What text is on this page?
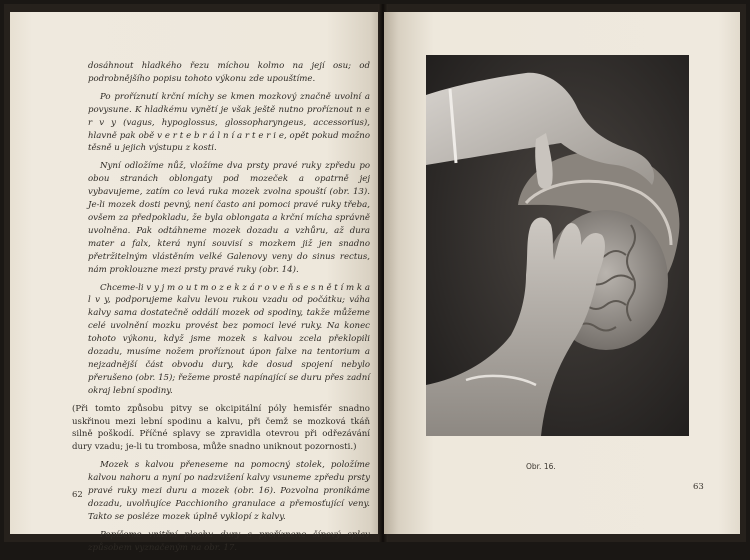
dosáhnout hladkého řezu míchou kolmo na její osu; od podrobnějšího popisu tohoto výkonu zde upouštíme.

Po proříznutí krční míchy se kmen mozkový značně uvolní a povysune. K hladkému vynětí je však ještě nutno proříznout n e r v y (vagus, hypoglossus, glossopharyngeus, accessorius), hlavně pak obě v e r t e b r á l n í a r t e r i e, opět pokud možno těsně u jejich výstupu z kosti.

Nyní odložíme nůž, vložíme dva prsty pravé ruky zpředu po obou stranách oblongaty pod mozeček a opatrně jej vybavujeme, zatím co levá ruka mozek zvolna spouští (obr. 13). Je-li mozek dosti pevný, není často ani pomoci pravé ruky třeba, ovšem za předpokladu, že byla oblongata a krční mícha správně uvolněna. Pak odtáhneme mozek dozadu a vzhůru, až dura mater a falx, která nyní souvisí s mozkem již jen snadno přetržitelným vlástěním velké Galenovy veny do sinus rectus, nám proklouzne mezi prsty pravé ruky (obr. 14).

Chceme-li v y j m o u t m o z e k z á r o v e ň s e s n ě t í m k a l v y, podporujeme kalvu levou rukou vzadu od počátku; váha kalvy sama dostatečně oddálí mozek od spodiny, takže můžeme celé uvolnění mozku provést bez pomoci levé ruky. Na konec tohoto výkonu, když jsme mozek s kalvou zcela překlopili dozadu, musíme nožem proříznout úpon falxe na tentorium a nejzadnější část obvodu dury, kde dosud spojení nebylo přerušeno (obr. 15); řežeme prostě napínající se duru přes zadní okraj lební spodiny.

(Při tomto způsobu pitvy se okcipitální póly hemisfér snadno uskřinou mezi lební spodinu a kalvu, při čemž se mozková tkáň silně poškodí. Příčné splavy se zpravidla otevrou při odřezávání dury vzadu; je-li tu trombosa, může snadno uniknout pozornosti.)

Mozek s kalvou přeneseme na pomocný stolek, položíme kalvou nahoru a nyní po nadzvižení kalvy vsuneme zpředu prsty pravé ruky mezi duru a mozek (obr. 16). Pozvolna pronikáme dozadu, uvolňujíce Pacchioniho granulace a přemosťující veny. Takto se posléze mozek úplně vyklopí z kalvy.

Popíšeme vnitřní plochu dury a proříznene šípový splav způsobem vyznačeným na obr. 17.

62
Obr. 16.
63
